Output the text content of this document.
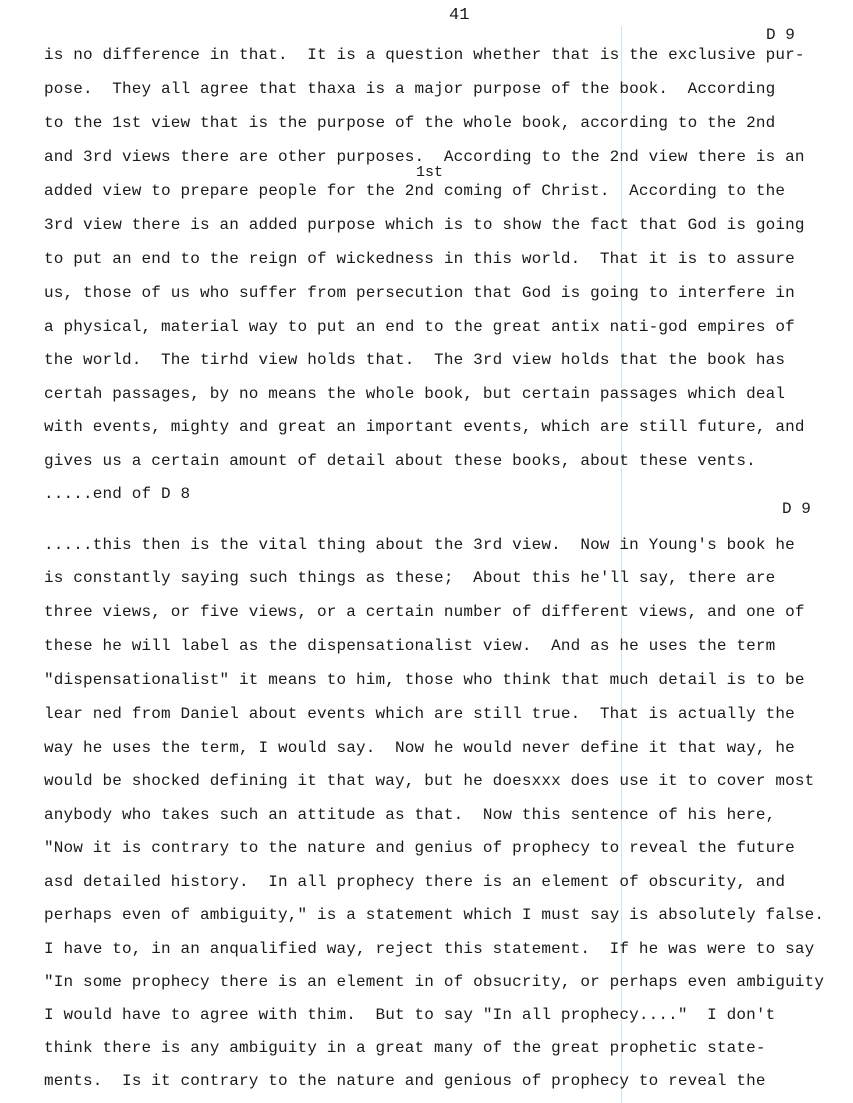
41
D 9
1st
D 9
is no difference in that.  It is a question whether that is the exclusive pur-
pose.  They all agree that thaxa is a major purpose of the book.  According
to the 1st view that is the purpose of the whole book, according to the 2nd
and 3rd views there are other purposes.  According to the 2nd view there is an
added view to prepare people for the 2nd coming of Christ.  According to the
3rd view there is an added purpose which is to show the fact that God is going
to put an end to the reign of wickedness in this world.  That it is to assure
us, those of us who suffer from persecution that God is going to interfere in
a physical, material way to put an end to the great antix nati-god empires of
the world.  The tirhd view holds that.  The 3rd view holds that the book has
certah passages, by no means the whole book, but certain passages which deal
with events, mighty and great an important events, which are still future, and
gives us a certain amount of detail about these books, about these vents.
.....end of D 8
.....this then is the vital thing about the 3rd view.  Now in Young's book he
is constantly saying such things as these;  About this he'll say, there are
three views, or five views, or a certain number of different views, and one of
these he will label as the dispensationalist view.  And as he uses the term
"dispensationalist" it means to him, those who think that much detail is to be
lear ned from Daniel about events which are still true.  That is actually the
way he uses the term, I would say.  Now he would never define it that way, he
would be shocked defining it that way, but he doesxxx does use it to cover most
anybody who takes such an attitude as that.  Now this sentence of his here,
"Now it is contrary to the nature and genius of prophecy to reveal the future
asd detailed history.  In all prophecy there is an element of obscurity, and
perhaps even of ambiguity," is a statement which I must say is absolutely false.
I have to, in an anqualified way, reject this statement.  If he was were to say
"In some prophecy there is an element in of obsucrity, or perhaps even ambiguity
I would have to agree with thim.  But to say "In all prophecy...."  I don't
think there is any ambiguity in a great many of the great prophetic state-
ments.  Is it contrary to the nature and genious of prophecy to reveal the
